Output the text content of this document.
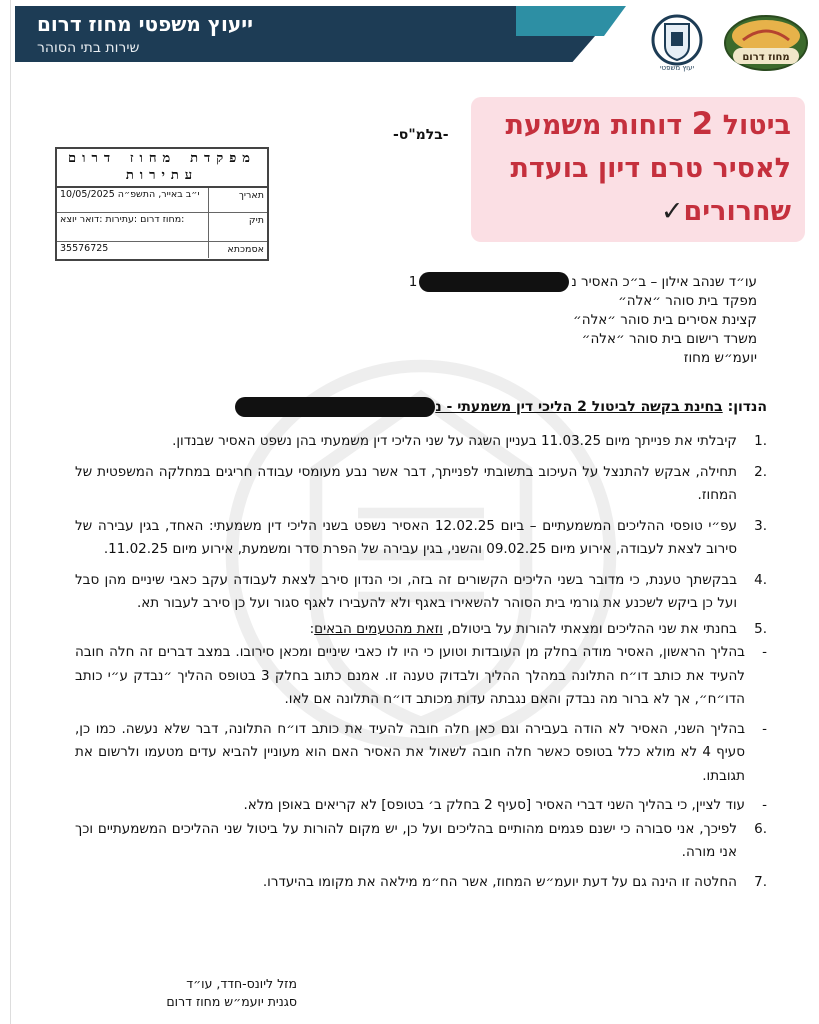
ייעוץ משפטי מחוז דרום
שירות בתי הסוהר
יעוץ משפטי
מחוז דרום
ביטול 2 דוחות משמעת
לאסיר טרם דיון בועדת
שחרורים✓
-בלמ"ס-
מפקדת מחוז דרום
עתירות
תאריך
י״ב באייר, התשפ״ה 10/05/2025
תיק
:מחוז דרום :עתירות :דואר יוצא
אסמכתא
35576725
עו״ד שנהב אילון – ב״כ האסיר נ1
מפקד בית סוהר ״אלה״
קצינת אסירים בית סוהר ״אלה״
משרד רישום בית סוהר ״אלה״
יועמ״ש מחוז
הנדון: בחינת בקשה לביטול 2 הליכי דין משמעתי - נ
.1
קיבלתי את פנייתך מיום 11.03.25 בעניין השגה על שני הליכי דין משמעתי בהן נשפט האסיר שבנדון.
.2
תחילה, אבקש להתנצל על העיכוב בתשובתי לפנייתך, דבר אשר נבע מעומסי עבודה חריגים במחלקה המשפטית של המחוז.
.3
עפ״י טופסי ההליכים המשמעתיים – ביום 12.02.25 האסיר נשפט בשני הליכי דין משמעתי: האחד, בגין עבירה של סירוב לצאת לעבודה, אירוע מיום 09.02.25 והשני, בגין עבירה של הפרת סדר ומשמעת, אירוע מיום 11.02.25.
.4
בבקשתך טענת, כי מדובר בשני הליכים הקשורים זה בזה, וכי הנדון סירב לצאת לעבודה עקב כאבי שיניים מהן סבל ועל כן ביקש לשכנע את גורמי בית הסוהר להשאירו באגף ולא להעבירו לאגף סגור ועל כן סירב לעבור תא.
.5
בחנתי את שני ההליכים ומצאתי להורות על ביטולם, וזאת מהטעמים הבאים:
-
בהליך הראשון, האסיר מודה בחלק מן העובדות וטוען כי היו לו כאבי שיניים ומכאן סירובו. במצב דברים זה חלה חובה להעיד את כותב דו״ח התלונה במהלך ההליך ולבדוק טענה זו. אמנם כתוב בחלק 3 בטופס ההליך ״נבדק ע״י כותב הדו״ח״, אך לא ברור מה נבדק והאם נגבתה עדות מכותב דו״ח התלונה אם לאו.
-
בהליך השני, האסיר לא הודה בעבירה וגם כאן חלה חובה להעיד את כותב דו״ח התלונה, דבר שלא נעשה. כמו כן, סעיף 4 לא מולא כלל בטופס כאשר חלה חובה לשאול את האסיר האם הוא מעוניין להביא עדים מטעמו ולרשום את תגובתו.
-
עוד לציין, כי בהליך השני דברי האסיר [סעיף 2 בחלק ב׳ בטופס] לא קריאים באופן מלא.
.6
לפיכך, אני סבורה כי ישנם פגמים מהותיים בהליכים ועל כן, יש מקום להורות על ביטול שני ההליכים המשמעתיים וכך אני מורה.
.7
החלטה זו הינה גם על דעת יועמ״ש המחוז, אשר הח״מ מילאה את מקומו בהיעדרו.
מזל ליונס-חדד, עו״ד
סגנית יועמ״ש מחוז דרום
